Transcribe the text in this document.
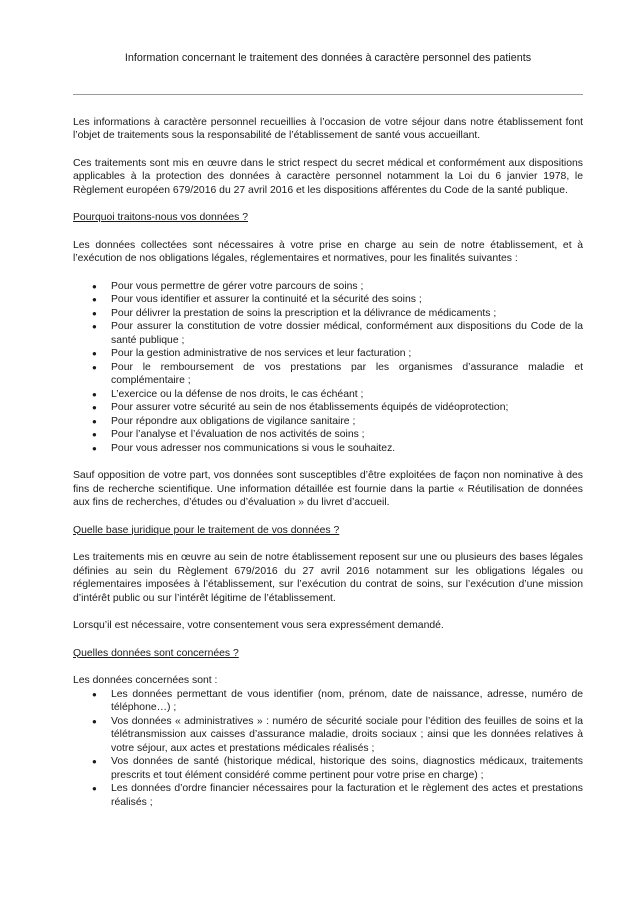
Information concernant le traitement des données à caractère personnel des patients

Les informations à caractère personnel recueillies à l’occasion de votre séjour dans notre établissement font l’objet de traitements sous la responsabilité de l’établissement de santé vous accueillant.

Ces traitements sont mis en œuvre dans le strict respect du secret médical et conformément aux dispositions applicables à la protection des données à caractère personnel notamment la Loi du 6 janvier 1978, le Règlement européen 679/2016 du 27 avril 2016 et les dispositions afférentes du Code de la santé publique.

Pourquoi traitons-nous vos données ?

Les données collectées sont nécessaires à votre prise en charge au sein de notre établissement, et à l’exécution de nos obligations légales, réglementaires et normatives, pour les finalités suivantes :

● Pour vous permettre de gérer votre parcours de soins ;
● Pour vous identifier et assurer la continuité et la sécurité des soins ;
● Pour délivrer la prestation de soins la prescription et la délivrance de médicaments ;
● Pour assurer la constitution de votre dossier médical, conformément aux dispositions du Code de la santé publique ;
● Pour la gestion administrative de nos services et leur facturation ;
● Pour le remboursement de vos prestations par les organismes d’assurance maladie et complémentaire ;
● L’exercice ou la défense de nos droits, le cas échéant ;
● Pour assurer votre sécurité au sein de nos établissements équipés de vidéoprotection;
● Pour répondre aux obligations de vigilance sanitaire ;
● Pour l’analyse et l’évaluation de nos activités de soins ;
● Pour vous adresser nos communications si vous le souhaitez.

Sauf opposition de votre part, vos données sont susceptibles d’être exploitées de façon non nominative à des fins de recherche scientifique. Une information détaillée est fournie dans la partie « Réutilisation de données aux fins de recherches, d’études ou d’évaluation » du livret d’accueil.

Quelle base juridique pour le traitement de vos données ?

Les traitements mis en œuvre au sein de notre établissement reposent sur une ou plusieurs des bases légales définies au sein du Règlement 679/2016 du 27 avril 2016 notamment sur les obligations légales ou réglementaires imposées à l’établissement, sur l’exécution du contrat de soins, sur l’exécution d’une mission d’intérêt public ou sur l’intérêt légitime de l’établissement.

Lorsqu’il est nécessaire, votre consentement vous sera expressément demandé.

Quelles données sont concernées ?

Les données concernées sont :

● Les données permettant de vous identifier (nom, prénom, date de naissance, adresse, numéro de téléphone…) ;
● Vos données « administratives » : numéro de sécurité sociale pour l’édition des feuilles de soins et la télétransmission aux caisses d’assurance maladie, droits sociaux ; ainsi que les données relatives à votre séjour, aux actes et prestations médicales réalisés ;
● Vos données de santé (historique médical, historique des soins, diagnostics médicaux, traitements prescrits et tout élément considéré comme pertinent pour votre prise en charge) ;
● Les données d’ordre financier nécessaires pour la facturation et le règlement des actes et prestations réalisés ;
